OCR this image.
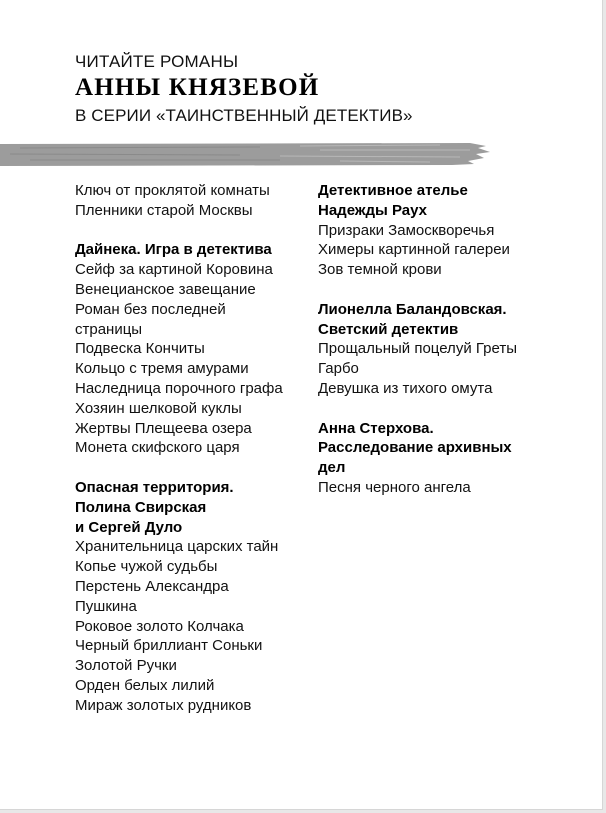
ЧИТАЙТЕ РОМАНЫ
АННЫ КНЯЗЕВОЙ
В СЕРИИ «ТАИНСТВЕННЫЙ ДЕТЕКТИВ»
Ключ от проклятой комнаты
Пленники старой Москвы
Дайнека. Игра в детектива
Сейф за картиной Коровина
Венецианское завещание
Роман без последней
страницы
Подвеска Кончиты
Кольцо с тремя амурами
Наследница порочного графа
Хозяин шелковой куклы
Жертвы Плещеева озера
Монета скифского царя
Опасная территория.
Полина Свирская
и Сергей Дуло
Хранительница царских тайн
Копье чужой судьбы
Перстень Александра
Пушкина
Роковое золото Колчака
Черный бриллиант Соньки
Золотой Ручки
Орден белых лилий
Мираж золотых рудников
Детективное ателье
Надежды Раух
Призраки Замоскворечья
Химеры картинной галереи
Зов темной крови
Лионелла Баландовская.
Светский детектив
Прощальный поцелуй Греты
Гарбо
Девушка из тихого омута
Анна Стерхова.
Расследование архивных
дел
Песня черного ангела
